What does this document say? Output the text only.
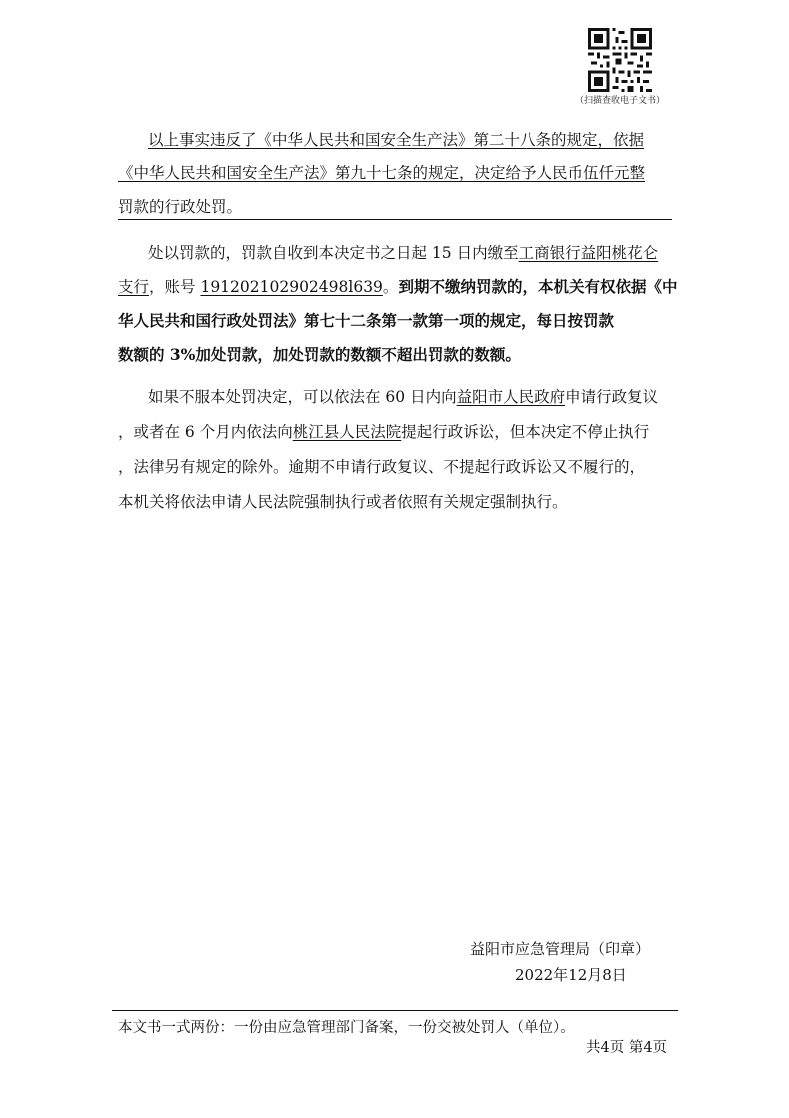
（扫描查收电子文书）
以上事实违反了《中华人民共和国安全生产法》第二十八条的规定，依据
《中华人民共和国安全生产法》第九十七条的规定，决定给予人民币伍仟元整
罚款的行政处罚。
处以罚款的，罚款自收到本决定书之日起 15 日内缴至工商银行益阳桃花仑
支行，账号 191202102902498l639。到期不缴纳罚款的，本机关有权依据《中
华人民共和国行政处罚法》第七十二条第一款第一项的规定，每日按罚款
数额的 3%加处罚款，加处罚款的数额不超出罚款的数额。
如果不服本处罚决定，可以依法在 60 日内向益阳市人民政府申请行政复议
，或者在 6 个月内依法向桃江县人民法院提起行政诉讼，但本决定不停止执行
，法律另有规定的除外。逾期不申请行政复议、不提起行政诉讼又不履行的，
本机关将依法申请人民法院强制执行或者依照有关规定强制执行。
益阳市应急管理局（印章）
2022年12月8日
本文书一式两份：一份由应急管理部门备案，一份交被处罚人（单位）。
共4页 第4页
